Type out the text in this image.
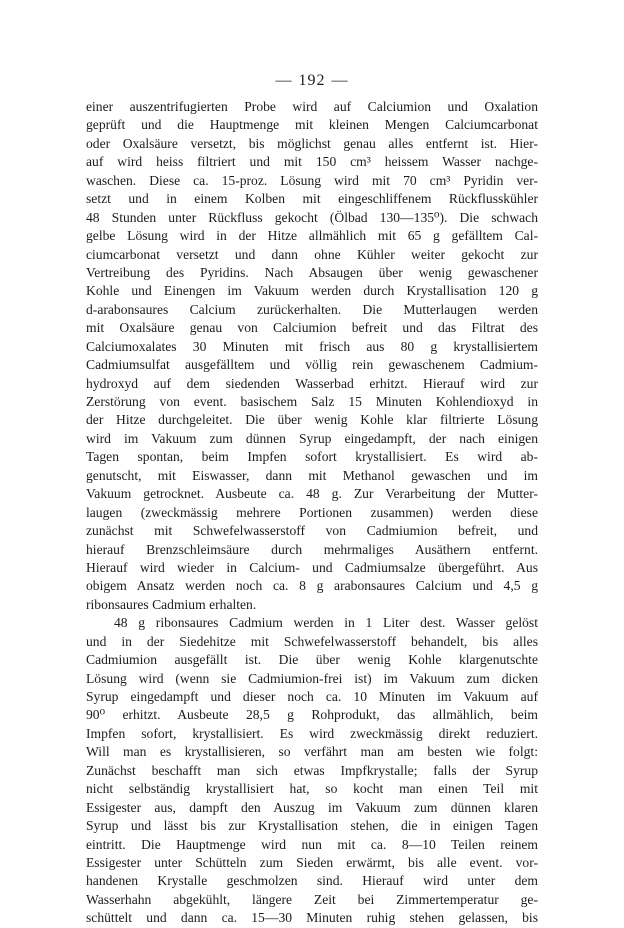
— 192 —
einer auszentrifugierten Probe wird auf Calciumion und Oxalation
geprüft und die Hauptmenge mit kleinen Mengen Calciumcarbonat
oder Oxalsäure versetzt, bis möglichst genau alles entfernt ist. Hier-
auf wird heiss filtriert und mit 150 cm³ heissem Wasser nachge-
waschen. Diese ca. 15-proz. Lösung wird mit 70 cm³ Pyridin ver-
setzt und in einem Kolben mit eingeschliffenem Rückflusskühler
48 Stunden unter Rückfluss gekocht (Ölbad 130—135⁰). Die schwach
gelbe Lösung wird in der Hitze allmählich mit 65 g gefälltem Cal-
ciumcarbonat versetzt und dann ohne Kühler weiter gekocht zur
Vertreibung des Pyridins. Nach Absaugen über wenig gewaschener
Kohle und Einengen im Vakuum werden durch Krystallisation 120 g
d-arabonsaures Calcium zurückerhalten. Die Mutterlaugen werden
mit Oxalsäure genau von Calciumion befreit und das Filtrat des
Calciumoxalates 30 Minuten mit frisch aus 80 g krystallisiertem
Cadmiumsulfat ausgefälltem und völlig rein gewaschenem Cadmium-
hydroxyd auf dem siedenden Wasserbad erhitzt. Hierauf wird zur
Zerstörung von event. basischem Salz 15 Minuten Kohlendioxyd in
der Hitze durchgeleitet. Die über wenig Kohle klar filtrierte Lösung
wird im Vakuum zum dünnen Syrup eingedampft, der nach einigen
Tagen spontan, beim Impfen sofort krystallisiert. Es wird ab-
genutscht, mit Eiswasser, dann mit Methanol gewaschen und im
Vakuum getrocknet. Ausbeute ca. 48 g. Zur Verarbeitung der Mutter-
laugen (zweckmässig mehrere Portionen zusammen) werden diese
zunächst mit Schwefelwasserstoff von Cadmiumion befreit, und
hierauf Brenzschleimsäure durch mehrmaliges Ausäthern entfernt.
Hierauf wird wieder in Calcium- und Cadmiumsalze übergeführt. Aus
obigem Ansatz werden noch ca. 8 g arabonsaures Calcium und 4,5 g
ribonsaures Cadmium erhalten.
48 g ribonsaures Cadmium werden in 1 Liter dest. Wasser gelöst
und in der Siedehitze mit Schwefelwasserstoff behandelt, bis alles
Cadmiumion ausgefällt ist. Die über wenig Kohle klargenutschte
Lösung wird (wenn sie Cadmiumion-frei ist) im Vakuum zum dicken
Syrup eingedampft und dieser noch ca. 10 Minuten im Vakuum auf
90⁰ erhitzt. Ausbeute 28,5 g Rohprodukt, das allmählich, beim
Impfen sofort, krystallisiert. Es wird zweckmässig direkt reduziert.
Will man es krystallisieren, so verfährt man am besten wie folgt:
Zunächst beschafft man sich etwas Impfkrystalle; falls der Syrup
nicht selbständig krystallisiert hat, so kocht man einen Teil mit
Essigester aus, dampft den Auszug im Vakuum zum dünnen klaren
Syrup und lässt bis zur Krystallisation stehen, die in einigen Tagen
eintritt. Die Hauptmenge wird nun mit ca. 8—10 Teilen reinem
Essigester unter Schütteln zum Sieden erwärmt, bis alle event. vor-
handenen Krystalle geschmolzen sind. Hierauf wird unter dem
Wasserhahn abgekühlt, längere Zeit bei Zimmertemperatur ge-
schüttelt und dann ca. 15—30 Minuten ruhig stehen gelassen, bis
